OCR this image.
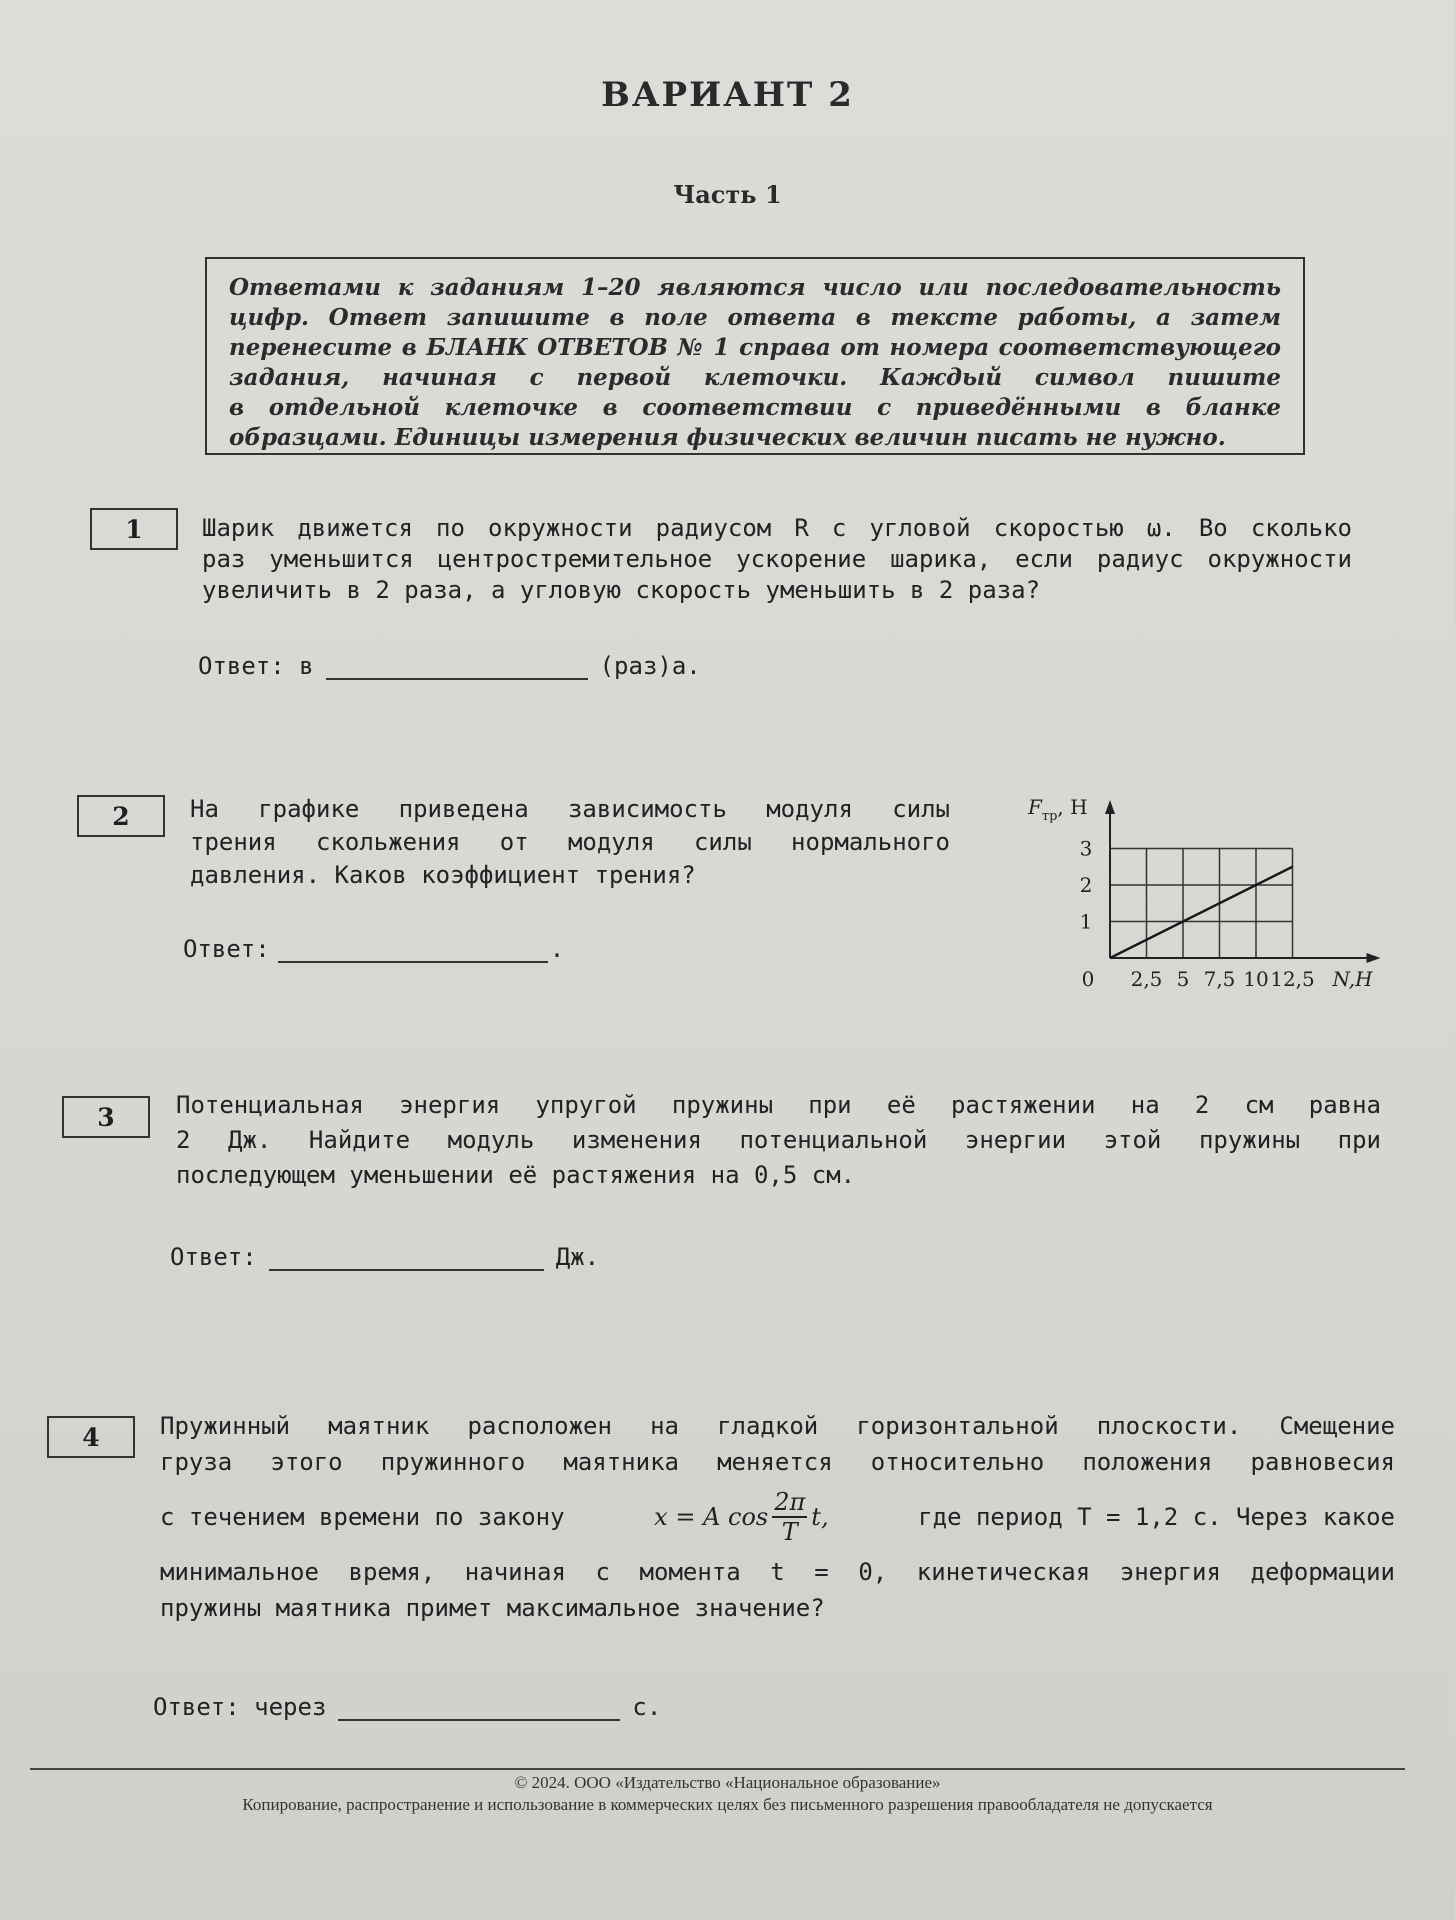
ВАРИАНТ 2
Часть 1
Ответами к заданиям 1–20 являются число или последовательность
цифр. Ответ запишите в поле ответа в тексте работы, а затем
перенесите в БЛАНК ОТВЕТОВ № 1 справа от номера соответствующего
задания, начиная с первой клеточки. Каждый символ пишите
в отдельной клеточке в соответствии с приведёнными в бланке
образцами. Единицы измерения физических величин писать не нужно.
1	Шарик движется по окружности радиусом R с угловой скоростью ω. Во сколько
раз уменьшится центростремительное ускорение шарика, если радиус окружности
увеличить в 2 раза, а угловую скорость уменьшить в 2 раза?
Ответ: в	(раз)а.
2	На графике приведена зависимость модуля силы
трения скольжения от модуля силы нормального
давления. Каков коэффициент трения?
Ответ:	.
2,5 5 7,5 10 12,5
1
2
3
0	N,Н
$F_{тр}$, Н
3	Потенциальная энергия упругой пружины при её растяжении на 2 см равна
2 Дж. Найдите модуль изменения потенциальной энергии этой пружины при
последующем уменьшении её растяжения на 0,5 см.
Ответ:	Дж.
4	Пружинный маятник расположен на гладкой горизонтальной плоскости. Смещение
груза этого пружинного маятника меняется относительно положения равновесия
с течением времени по закону	x = A $\cos \frac{2\pi}{T} t$,	где период T = 1,2 с. Через какое
минимальное время, начиная с момента t = 0, кинетическая энергия деформации
пружины маятника примет максимальное значение?
Ответ: через	с.
© 2024. ООО «Издательство «Национальное образование»
Копирование, распространение и использование в коммерческих целях без письменного разрешения правообладателя не допускается
